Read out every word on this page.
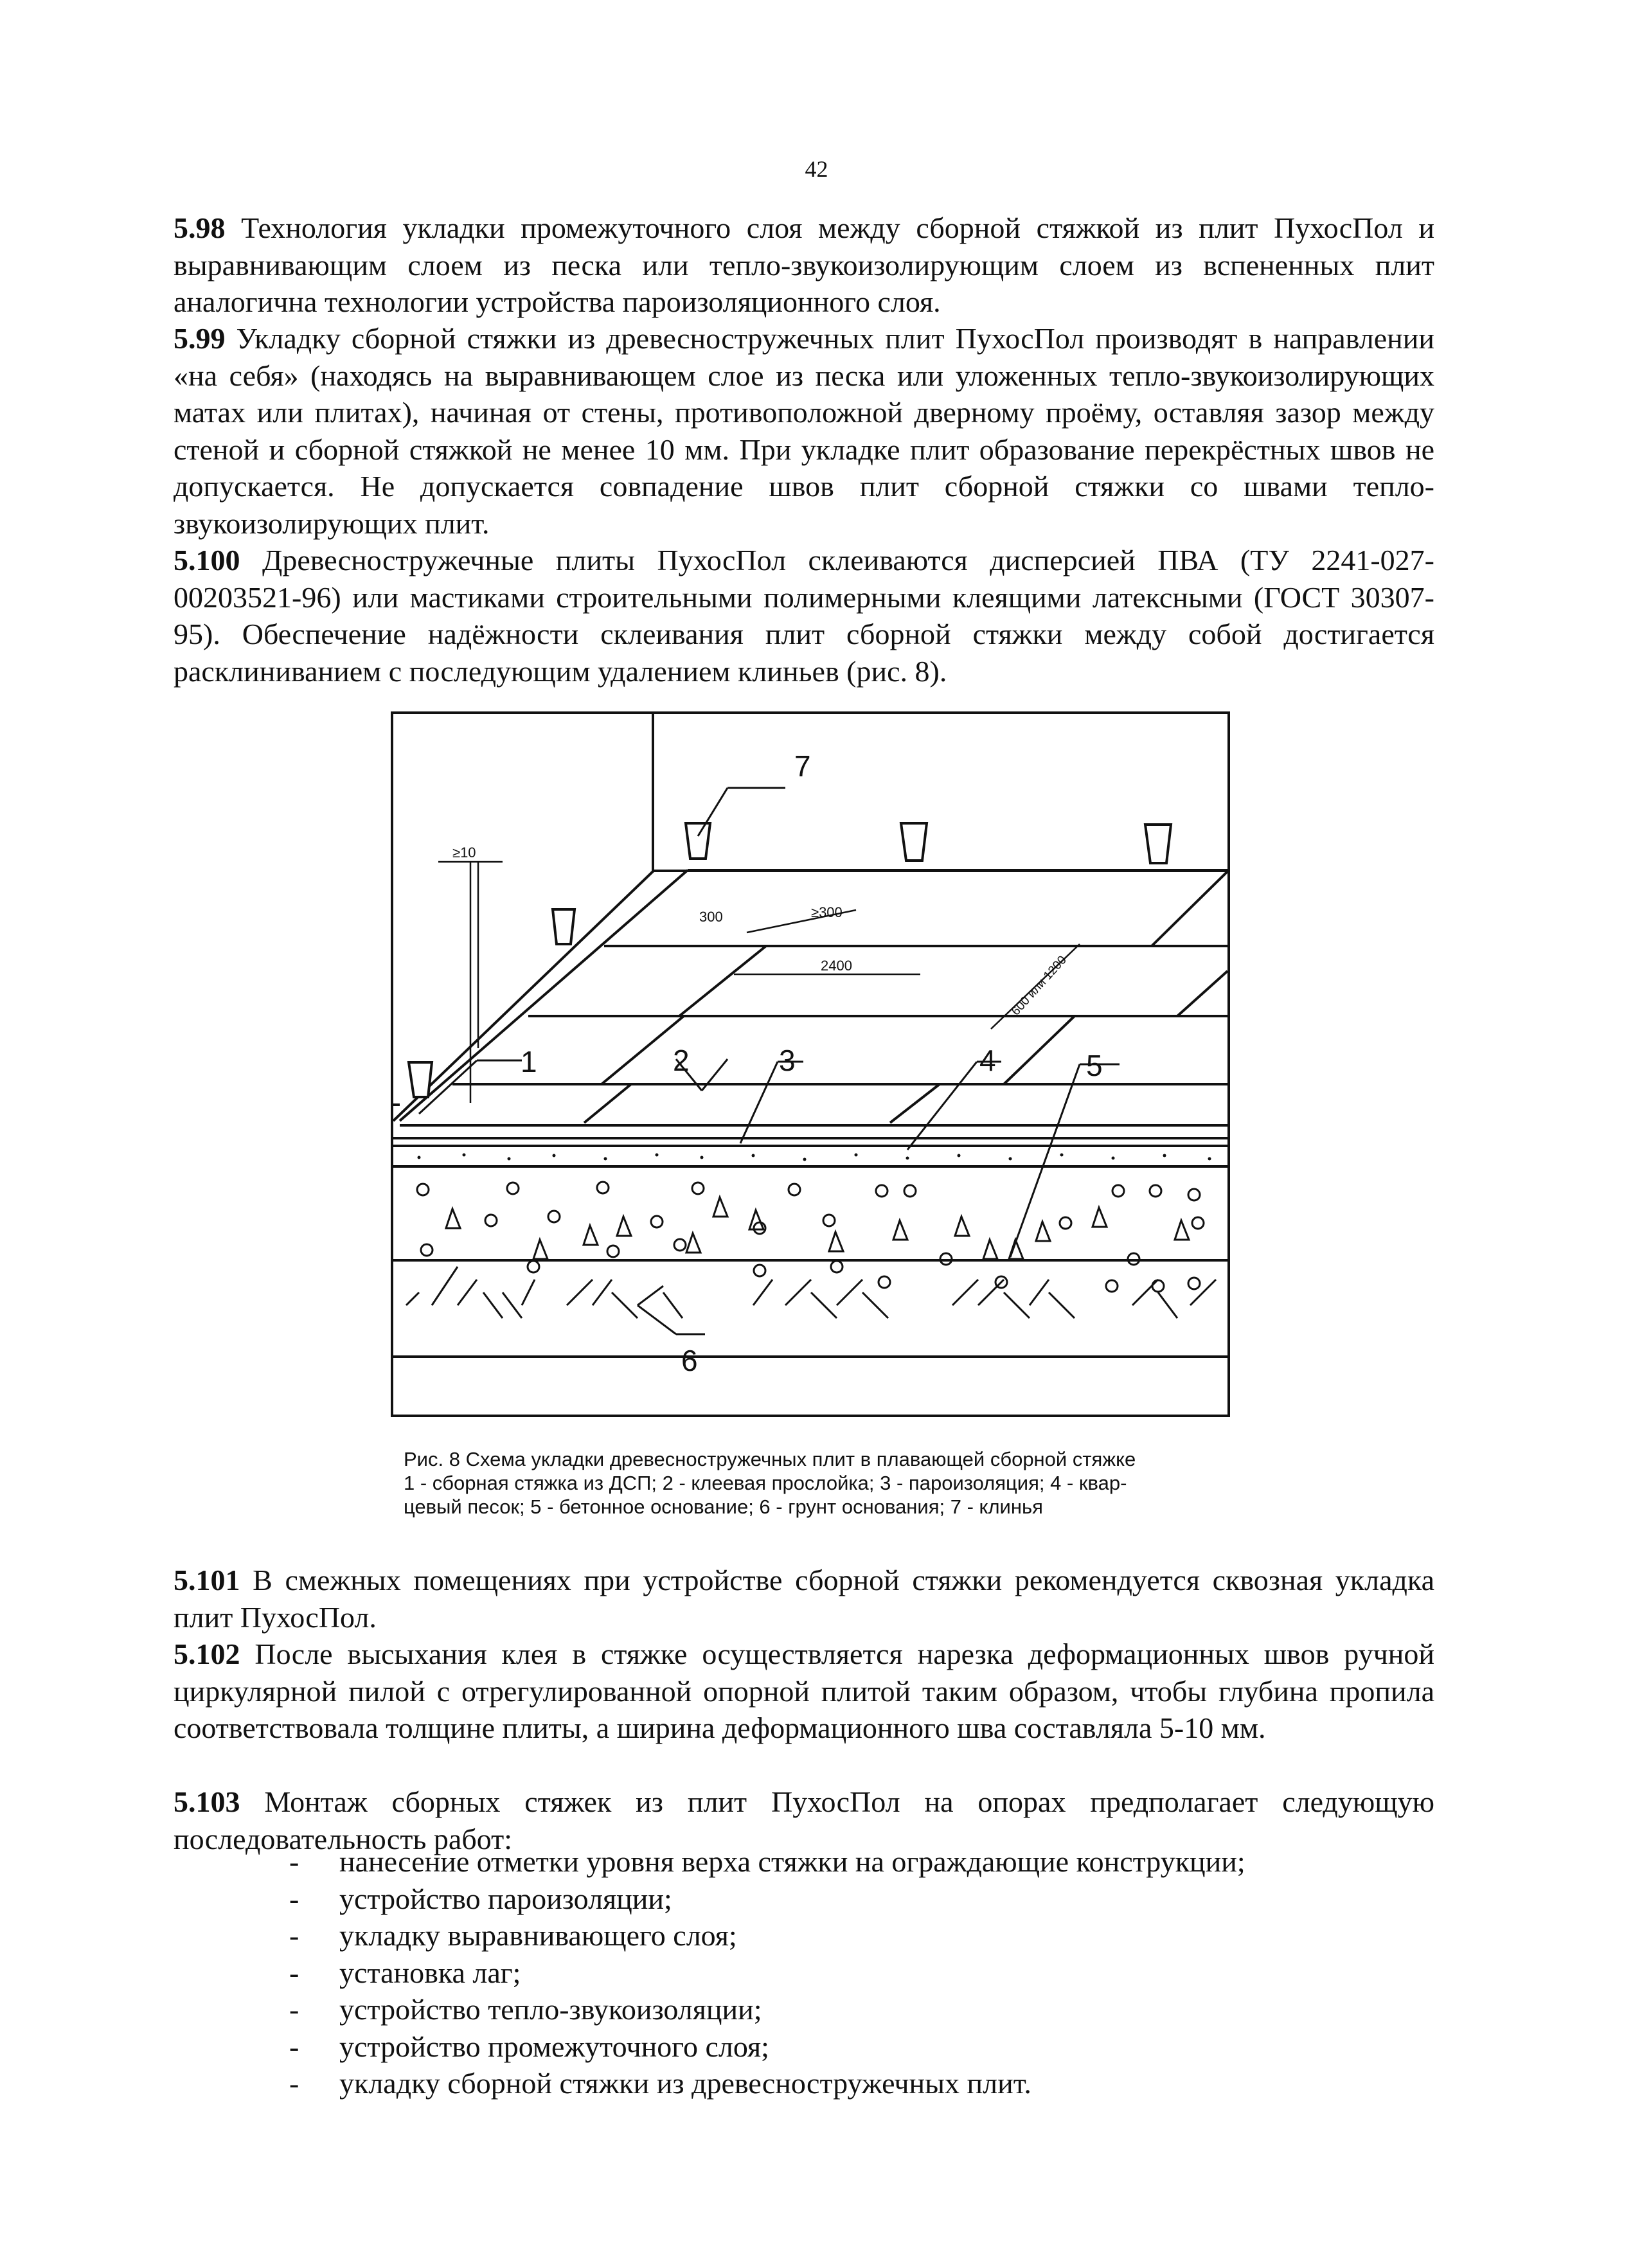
42
5.98 Технология укладки промежуточного слоя между сборной стяжкой из плит ПухосПол и выравнивающим слоем из песка или тепло-звукоизолирующим слоем из вспененных плит аналогична технологии устройства пароизоляционного слоя.
5.99 Укладку сборной стяжки из древесностружечных плит ПухосПол производят в направлении «на себя» (находясь на выравнивающем слое из песка или уложенных тепло-звукоизолирующих матах или плитах), начиная от стены, противоположной дверному проёму, оставляя зазор между стеной и сборной стяжкой не менее 10 мм. При укладке плит образование перекрёстных швов не допускается. Не допускается совпадение швов плит сборной стяжки со швами тепло-звукоизолирующих плит.
5.100 Древесностружечные плиты ПухосПол склеиваются дисперсией ПВА (ТУ 2241-027-00203521-96) или мастиками строительными полимерными клеящими латексными (ГОСТ 30307-95). Обеспечение надёжности склеивания плит сборной стяжки между собой достигается расклиниванием с последующим удалением клиньев (рис. 8).
7
≥10
300	≥300
2400	600 или 1200
1	2	3	4	5
6
Рис. 8 Схема укладки древесностружечных плит в плавающей сборной стяжке
1 - сборная стяжка из ДСП; 2 - клеевая прослойка; 3 - пароизоляция; 4 - квар-
цевый песок; 5 - бетонное основание; 6 - грунт основания; 7 - клинья
5.101 В смежных помещениях при устройстве сборной стяжки рекомендуется сквозная укладка плит ПухосПол.
5.102 После высыхания клея в стяжке осуществляется нарезка деформационных швов ручной циркулярной пилой с отрегулированной опорной плитой таким образом, чтобы глубина пропила соответствовала толщине плиты, а ширина деформационного шва составляла 5-10 мм.
5.103 Монтаж сборных стяжек из плит ПухосПол на опорах предполагает следующую последовательность работ:
- нанесение отметки уровня верха стяжки на ограждающие конструкции;
- устройство пароизоляции;
- укладку выравнивающего слоя;
- установка лаг;
- устройство тепло-звукоизоляции;
- устройство промежуточного слоя;
- укладку сборной стяжки из древесностружечных плит.
